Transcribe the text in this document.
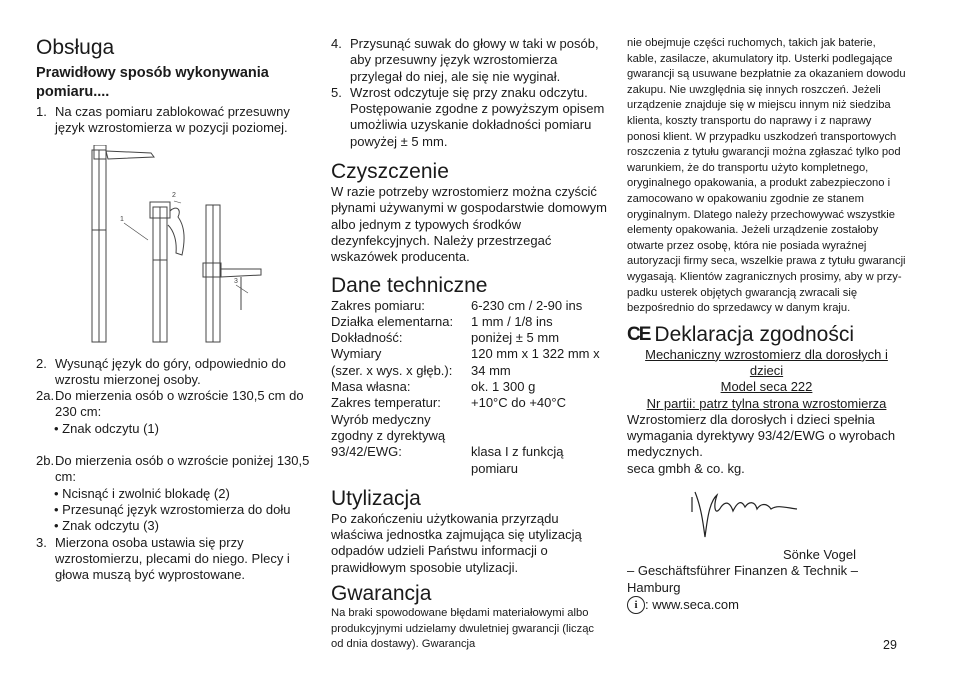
Obsługa
Prawidłowy sposób wykonywania pomiaru....
1. Na czas pomiaru zablokować przesuwny język wzrostomierza w pozycji poziomej.
1
2
3
2. Wysunąć język do góry, odpowiednio do wzrostu mierzonej osoby.
2a. Do mierzenia osób o wzroście 130,5 cm do 230 cm:
• Znak odczytu (1)
2b. Do mierzenia osób o wzroście poniżej 130,5 cm:
• Ncisnąć i zwolnić blokadę (2)
• Przesunąć język wzrostomierza do dołu
• Znak odczytu (3)
3. Mierzona osoba ustawia się przy wzrostomierzu, plecami do niego. Plecy i głowa muszą być wyprostowane.
4. Przysunąć suwak do głowy w taki w posób, aby przesuwny język wzrostomierza przylegał do niej, ale się nie wyginał.
5. Wzrost odczytuje się przy znaku odczytu. Postępowanie zgodne z powyższym opisem umożliwia uzyskanie dokładności pomiaru powyżej ± 5 mm.
Czyszczenie

W razie potrzeby wzrostomierz można czyścić płynami używanymi w gospodarstwie domowym albo jednym z typowych środków dezynfekcyjnych. Należy przestrzegać wskazówek producenta.

Dane techniczne
Zakres pomiaru:	6-230 cm / 2-90 ins
Działka elementarna:	1 mm / 1/8 ins
Dokładność:	poniżej ± 5 mm
Wymiary	120 mm x 1 322 mm x
(szer. x wys. x głęb.):	34 mm
Masa własna:	ok. 1 300 g
Zakres temperatur:	+10°C do +40°C
Wyrób medyczny
zgodny z dyrektywą
93/42/EWG:	klasa I z funkcją
pomiaru
Utylizacja

Po zakończeniu użytkowania przyrządu właściwa jednostka zajmująca się utylizacją odpadów udzieli Państwu informacji o prawidłowym sposobie utylizacji.

Gwarancja

Na braki spowodowane błędami materiałowymi albo produkcyjnymi udzielamy dwuletniej gwarancji (licząc od dnia dostawy). Gwarancja

nie obejmuje części ruchomych, takich jak baterie, kable, zasilacze, akumulatory itp. Usterki podlegające gwarancji są usuwane bezpłatnie za okazaniem dowodu zakupu. Nie uwzględnia się innych roszczeń. Jeżeli urządzenie znajduje się w miejscu innym niż siedziba klienta, koszty transportu do naprawy i z naprawy ponosi klient. W przypadku uszkodzeń transportowych roszczenia z tytułu gwarancji można zgłaszać tylko pod warunkiem, że do transportu użyto kompletnego, oryginalnego opakowania, a produkt zabezpieczono i zamocowano w opakowaniu zgodnie ze stanem oryginalnym. Dlatego należy przechowywać wszystkie elementy opakowania. Jeżeli urządzenie zostałoby otwarte przez osobę, która nie posiada wyraźnej autoryzacji firmy seca, wszelkie prawa z tytułu gwarancji wygasają. Klientów zagranicznych prosimy, aby w przypadku usterek objętych gwarancją zwracali się bezpośrednio do sprzedawcy w danym kraju.

CE Deklaracja zgodności

Mechaniczny wzrostomierz dla dorosłych i dzieci

Model seca 222

Nr partii: patrz tylna strona wzrostomierza

Wzrostomierz dla dorosłych i dzieci spełnia wymagania dyrektywy 93/42/EWG o wyrobach medycznych.

seca gmbh & co. kg.

Sönke Vogel

– Geschäftsführer Finanzen & Technik – Hamburg

i : www.seca.com
29
